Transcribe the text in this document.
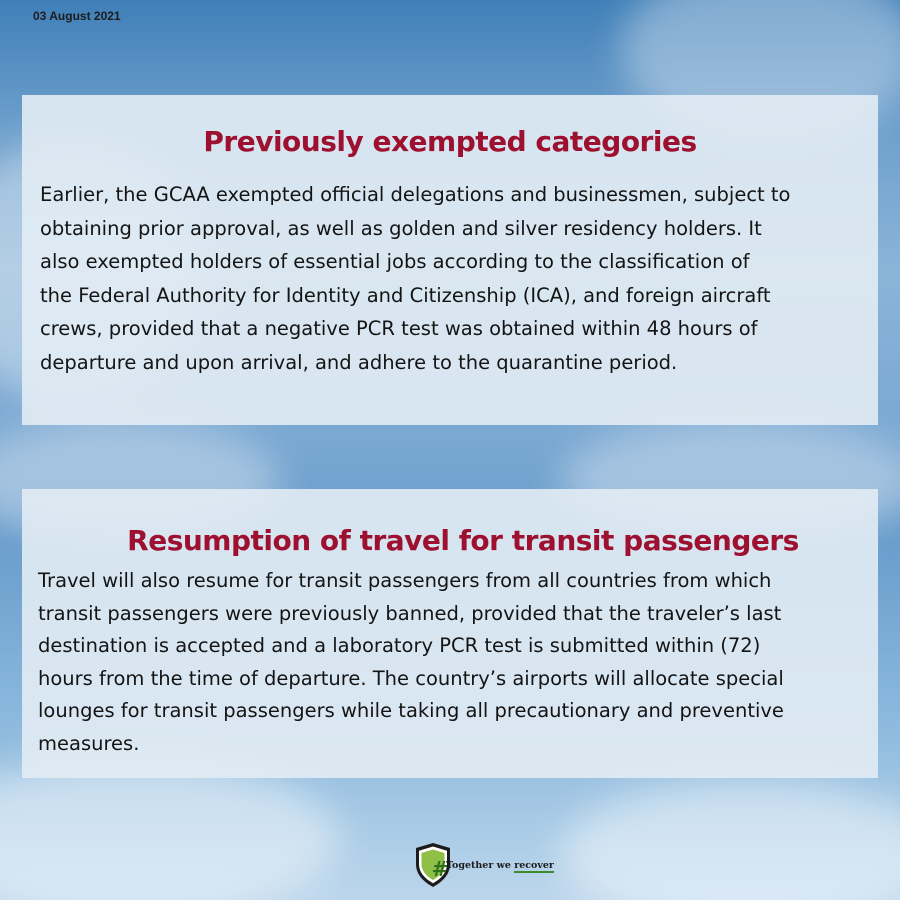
03 August 2021
Previously exempted categories
Earlier, the GCAA exempted official delegations and businessmen, subject to
obtaining prior approval, as well as golden and silver residency holders. It
also exempted holders of essential jobs according to the classification of
the Federal Authority for Identity and Citizenship (ICA), and foreign aircraft
crews, provided that a negative PCR test was obtained within 48 hours of
departure and upon arrival, and adhere to the quarantine period.
Resumption of travel for transit passengers
Travel will also resume for transit passengers from all countries from which
transit passengers were previously banned, provided that the traveler’s last
destination is accepted and a laboratory PCR test is submitted within (72)
hours from the time of departure. The country’s airports will allocate special
lounges for transit passengers while taking all precautionary and preventive
measures.
#
Together we recover
